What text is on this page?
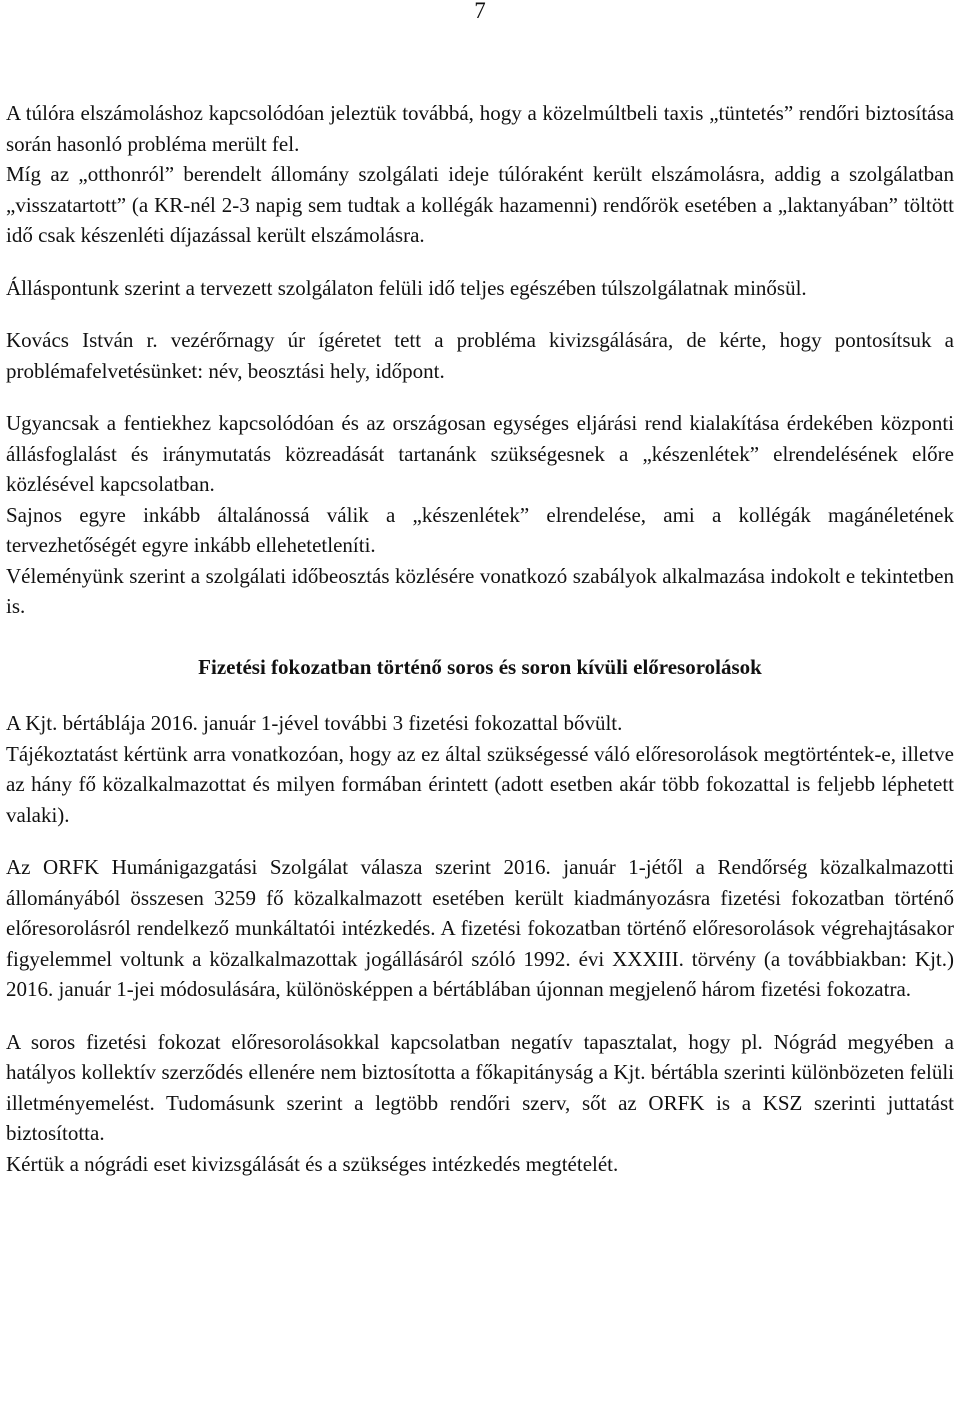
7

A túlóra elszámoláshoz kapcsolódóan jeleztük továbbá, hogy a közelmúltbeli taxis „tüntetés” rendőri biztosítása során hasonló probléma merült fel.

Míg az „otthonról” berendelt állomány szolgálati ideje túlóraként került elszámolásra, addig a szolgálatban „visszatartott” (a KR-nél 2-3 napig sem tudtak a kollégák hazamenni) rendőrök esetében a „laktanyában” töltött idő csak készenléti díjazással került elszámolásra.

Álláspontunk szerint a tervezett szolgálaton felüli idő teljes egészében túlszolgálatnak minősül.

Kovács István r. vezérőrnagy úr ígéretet tett a probléma kivizsgálására, de kérte, hogy pontosítsuk a problémafelvetésünket: név, beosztási hely, időpont.

Ugyancsak a fentiekhez kapcsolódóan és az országosan egységes eljárási rend kialakítása érdekében központi állásfoglalást és iránymutatás közreadását tartanánk szükségesnek a „készenlétek” elrendelésének előre közlésével kapcsolatban.

Sajnos egyre inkább általánossá válik a „készenlétek” elrendelése, ami a kollégák magánéletének tervezhetőségét egyre inkább ellehetetleníti.

Véleményünk szerint a szolgálati időbeosztás közlésére vonatkozó szabályok alkalmazása indokolt e tekintetben is.

Fizetési fokozatban történő soros és soron kívüli előresorolások

A Kjt. bértáblája 2016. január 1-jével további 3 fizetési fokozattal bővült.

Tájékoztatást kértünk arra vonatkozóan, hogy az ez által szükségessé váló előresorolások megtörténtek-e, illetve az hány fő közalkalmazottat és milyen formában érintett (adott esetben akár több fokozattal is feljebb léphetett valaki).

Az ORFK Humánigazgatási Szolgálat válasza szerint 2016. január 1-jétől a Rendőrség közalkalmazotti állományából összesen 3259 fő közalkalmazott esetében került kiadmányozásra fizetési fokozatban történő előresorolásról rendelkező munkáltatói intézkedés. A fizetési fokozatban történő előresorolások végrehajtásakor figyelemmel voltunk a közalkalmazottak jogállásáról szóló 1992. évi XXXIII. törvény (a továbbiakban: Kjt.) 2016. január 1-jei módosulására, különösképpen a bértáblában újonnan megjelenő három fizetési fokozatra.

A soros fizetési fokozat előresorolásokkal kapcsolatban negatív tapasztalat, hogy pl. Nógrád megyében a hatályos kollektív szerződés ellenére nem biztosította a főkapitányság a Kjt. bértábla szerinti különbözeten felüli illetményemelést. Tudomásunk szerint a legtöbb rendőri szerv, sőt az ORFK is a KSZ szerinti juttatást biztosította.

Kértük a nógrádi eset kivizsgálását és a szükséges intézkedés megtételét.
